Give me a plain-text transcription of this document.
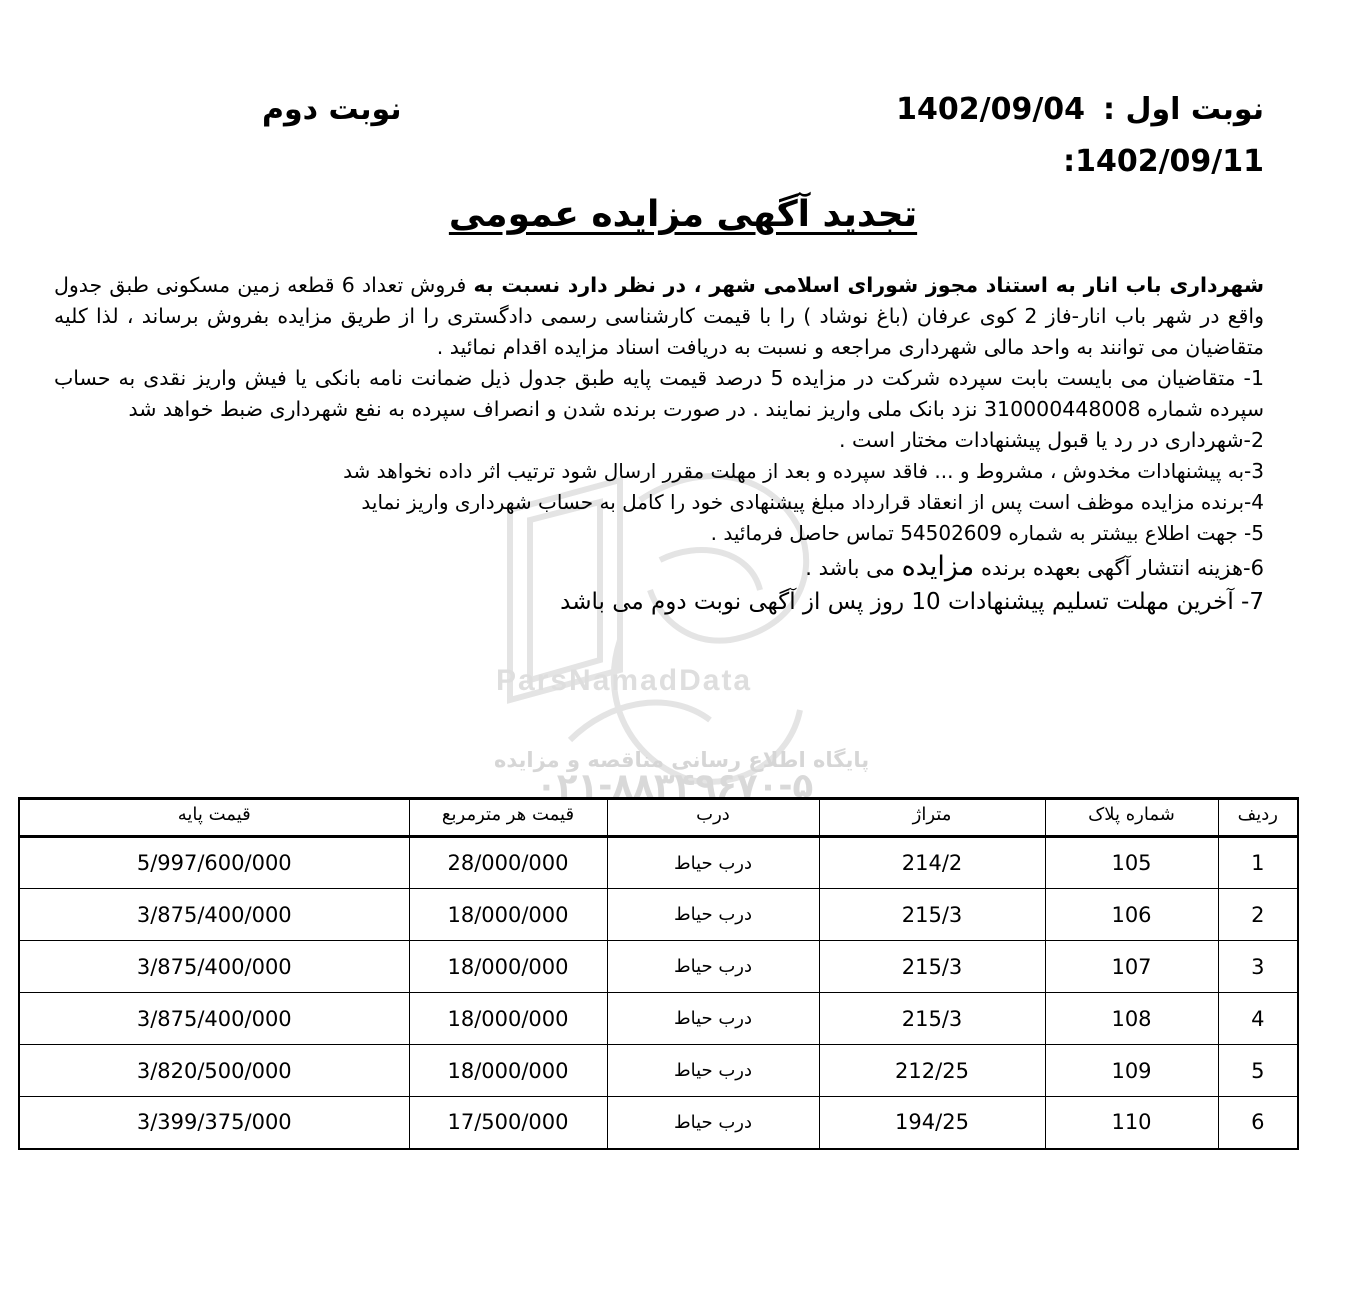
ParsNamadData
پایگاه اطلاع رسانی مناقصه و مزایده
۰۲۱-۸۸۳۴۹۶۷۰-۵
نوبت اول :1402/09/04
نوبت دوم
1402/09/11:
تجدید آگهی مزایده عمومی

شهرداری باب انار به استناد مجوز شورای اسلامی شهر ، در نظر دارد نسبت به فروش تعداد 6 قطعه زمین مسکونی طبق جدول واقع در شهر باب انار-فاز 2 کوی عرفان (باغ نوشاد ) را با قیمت کارشناسی رسمی دادگستری را از طریق مزایده بفروش برساند ، لذا کلیه متقاضیان می توانند به واحد مالی شهرداری مراجعه و نسبت به دریافت اسناد مزایده اقدام نمائید .

1- متقاضیان می بایست بابت سپرده شرکت در مزایده 5 درصد قیمت پایه طبق جدول ذیل ضمانت نامه بانکی یا فیش واریز نقدی به حساب سپرده شماره 310000448008 نزد بانک ملی واریز نمایند . در صورت برنده شدن و انصراف سپرده به نفع شهرداری ضبط خواهد شد

2-شهرداری در رد یا قبول پیشنهادات مختار است .

3-به پیشنهادات مخدوش ، مشروط و ... فاقد سپرده و بعد از مهلت مقرر ارسال شود ترتیب اثر داده نخواهد شد

4-برنده مزایده موظف است پس از انعقاد قرارداد مبلغ پیشنهادی خود را کامل به حساب شهرداری واریز نماید

5- جهت اطلاع بیشتر به شماره 54502609 تماس حاصل فرمائید .

6-هزینه انتشار آگهی بعهده برنده مزایده می باشد .

7- آخرین مهلت تسلیم پیشنهادات 10 روز پس از آگهی نوبت دوم می باشد

ردیف	شماره پلاک	متراژ	درب	قیمت هر مترمربع	قیمت پایه
1	105	214/2	درب حیاط	28/000/000	5/997/600/000
2	106	215/3	درب حیاط	18/000/000	3/875/400/000
3	107	215/3	درب حیاط	18/000/000	3/875/400/000
4	108	215/3	درب حیاط	18/000/000	3/875/400/000
5	109	212/25	درب حیاط	18/000/000	3/820/500/000
6	110	194/25	درب حیاط	17/500/000	3/399/375/000
